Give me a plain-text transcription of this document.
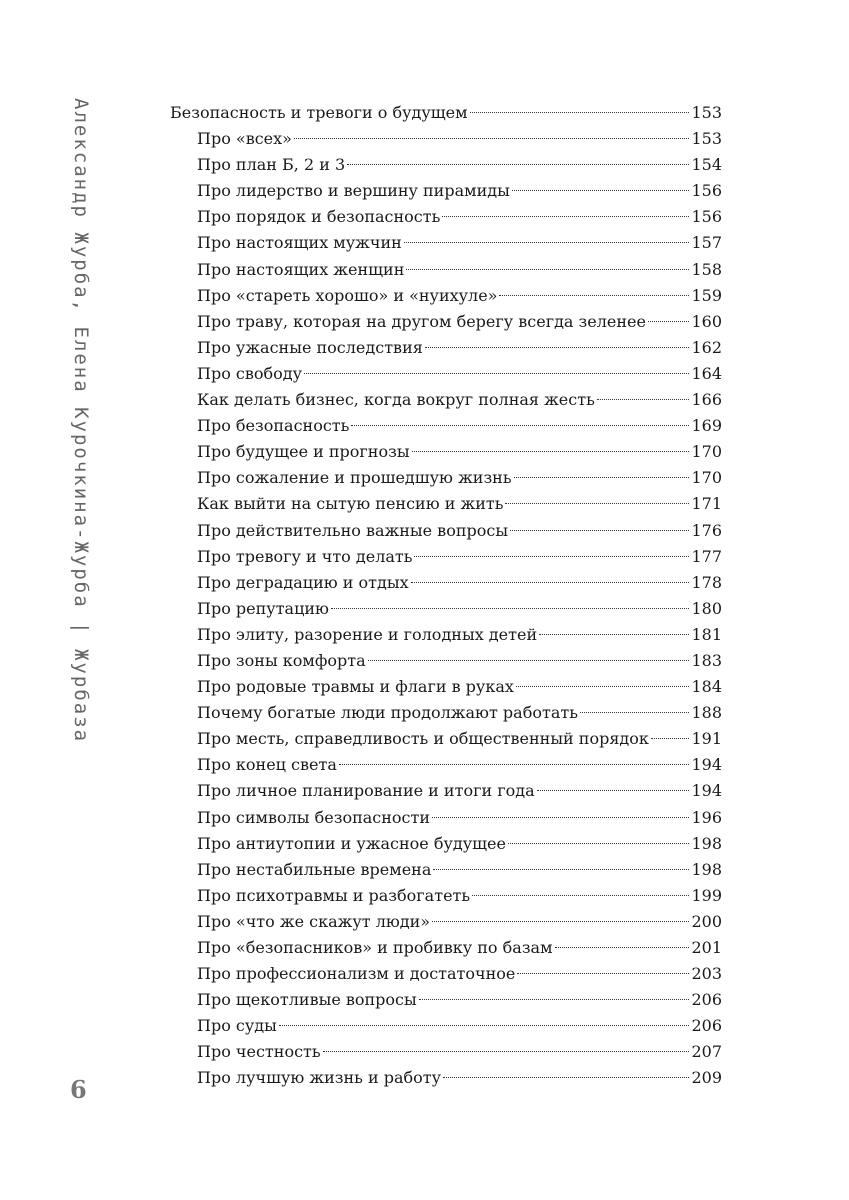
Александр Журба, Елена Курочкина-Журба | Журбаза
6
Безопасность и тревоги о будущем	153
Про «всех»	153
Про план Б, 2 и 3	154
Про лидерство и вершину пирамиды	156
Про порядок и безопасность	156
Про настоящих мужчин	157
Про настоящих женщин	158
Про «стареть хорошо» и «нуихуле»	159
Про траву, которая на другом берегу всегда зеленее	160
Про ужасные последствия	162
Про свободу	164
Как делать бизнес, когда вокруг полная жесть	166
Про безопасность	169
Про будущее и прогнозы	170
Про сожаление и прошедшую жизнь	170
Как выйти на сытую пенсию и жить	171
Про действительно важные вопросы	176
Про тревогу и что делать	177
Про деградацию и отдых	178
Про репутацию	180
Про элиту, разорение и голодных детей	181
Про зоны комфорта	183
Про родовые травмы и флаги в руках	184
Почему богатые люди продолжают работать	188
Про месть, справедливость и общественный порядок	191
Про конец света	194
Про личное планирование и итоги года	194
Про символы безопасности	196
Про антиутопии и ужасное будущее	198
Про нестабильные времена	198
Про психотравмы и разбогатеть	199
Про «что же скажут люди»	200
Про «безопасников» и пробивку по базам	201
Про профессионализм и достаточное	203
Про щекотливые вопросы	206
Про суды	206
Про честность	207
Про лучшую жизнь и работу	209
